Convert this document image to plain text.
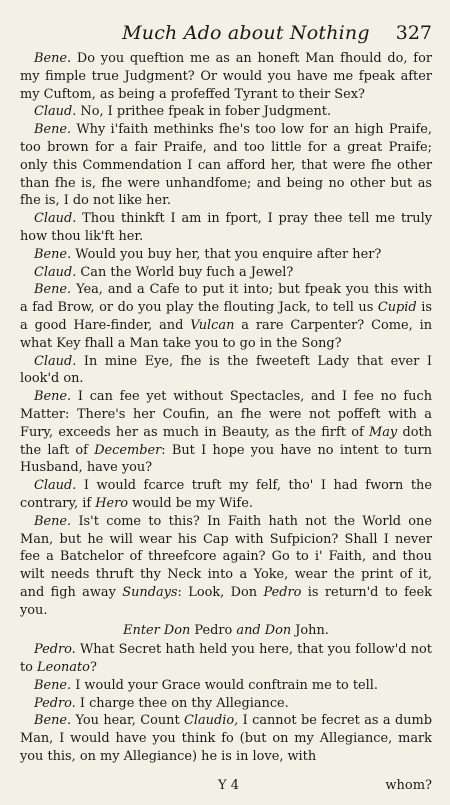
Much Ado about Nothing 327

Bene. Do you queftion me as an honeft Man fhould do, for my fimple true Judgment? Or would you have me fpeak after my Cuftom, as being a profeffed Tyrant to their Sex?

Claud. No, I prithee fpeak in fober Judgment.

Bene. Why i'faith methinks fhe's too low for an high Praife, too brown for a fair Praife, and too little for a great Praife; only this Commendation I can afford her, that were fhe other than fhe is, fhe were unhandfome; and being no other but as fhe is, I do not like her.

Claud. Thou thinkft I am in fport, I pray thee tell me truly how thou lik'ft her.

Bene. Would you buy her, that you enquire after her?

Claud. Can the World buy fuch a Jewel?

Bene. Yea, and a Cafe to put it into; but fpeak you this with a fad Brow, or do you play the flouting Jack, to tell us Cupid is a good Hare-finder, and Vulcan a rare Carpenter? Come, in what Key fhall a Man take you to go in the Song?

Claud. In mine Eye, fhe is the fweeteft Lady that ever I look'd on.

Bene. I can fee yet without Spectacles, and I fee no fuch Matter: There's her Coufin, an fhe were not poffeft with a Fury, exceeds her as much in Beauty, as the firft of May doth the laft of December: But I hope you have no intent to turn Husband, have you?

Claud. I would fcarce truft my felf, tho' I had fworn the contrary, if Hero would be my Wife.

Bene. Is't come to this? In Faith hath not the World one Man, but he will wear his Cap with Sufpicion? Shall I never fee a Batchelor of threefcore again? Go to i' Faith, and thou wilt needs thruft thy Neck into a Yoke, wear the print of it, and figh away Sundays: Look, Don Pedro is return'd to feek you.

Enter Don Pedro and Don John.

Pedro. What Secret hath held you here, that you follow'd not to Leonato?

Bene. I would your Grace would conftrain me to tell.

Pedro. I charge thee on thy Allegiance.

Bene. You hear, Count Claudio, I cannot be fecret as a dumb Man, I would have you think fo (but on my Allegiance, mark you this, on my Allegiance) he is in love, with

Y 4	whom?
